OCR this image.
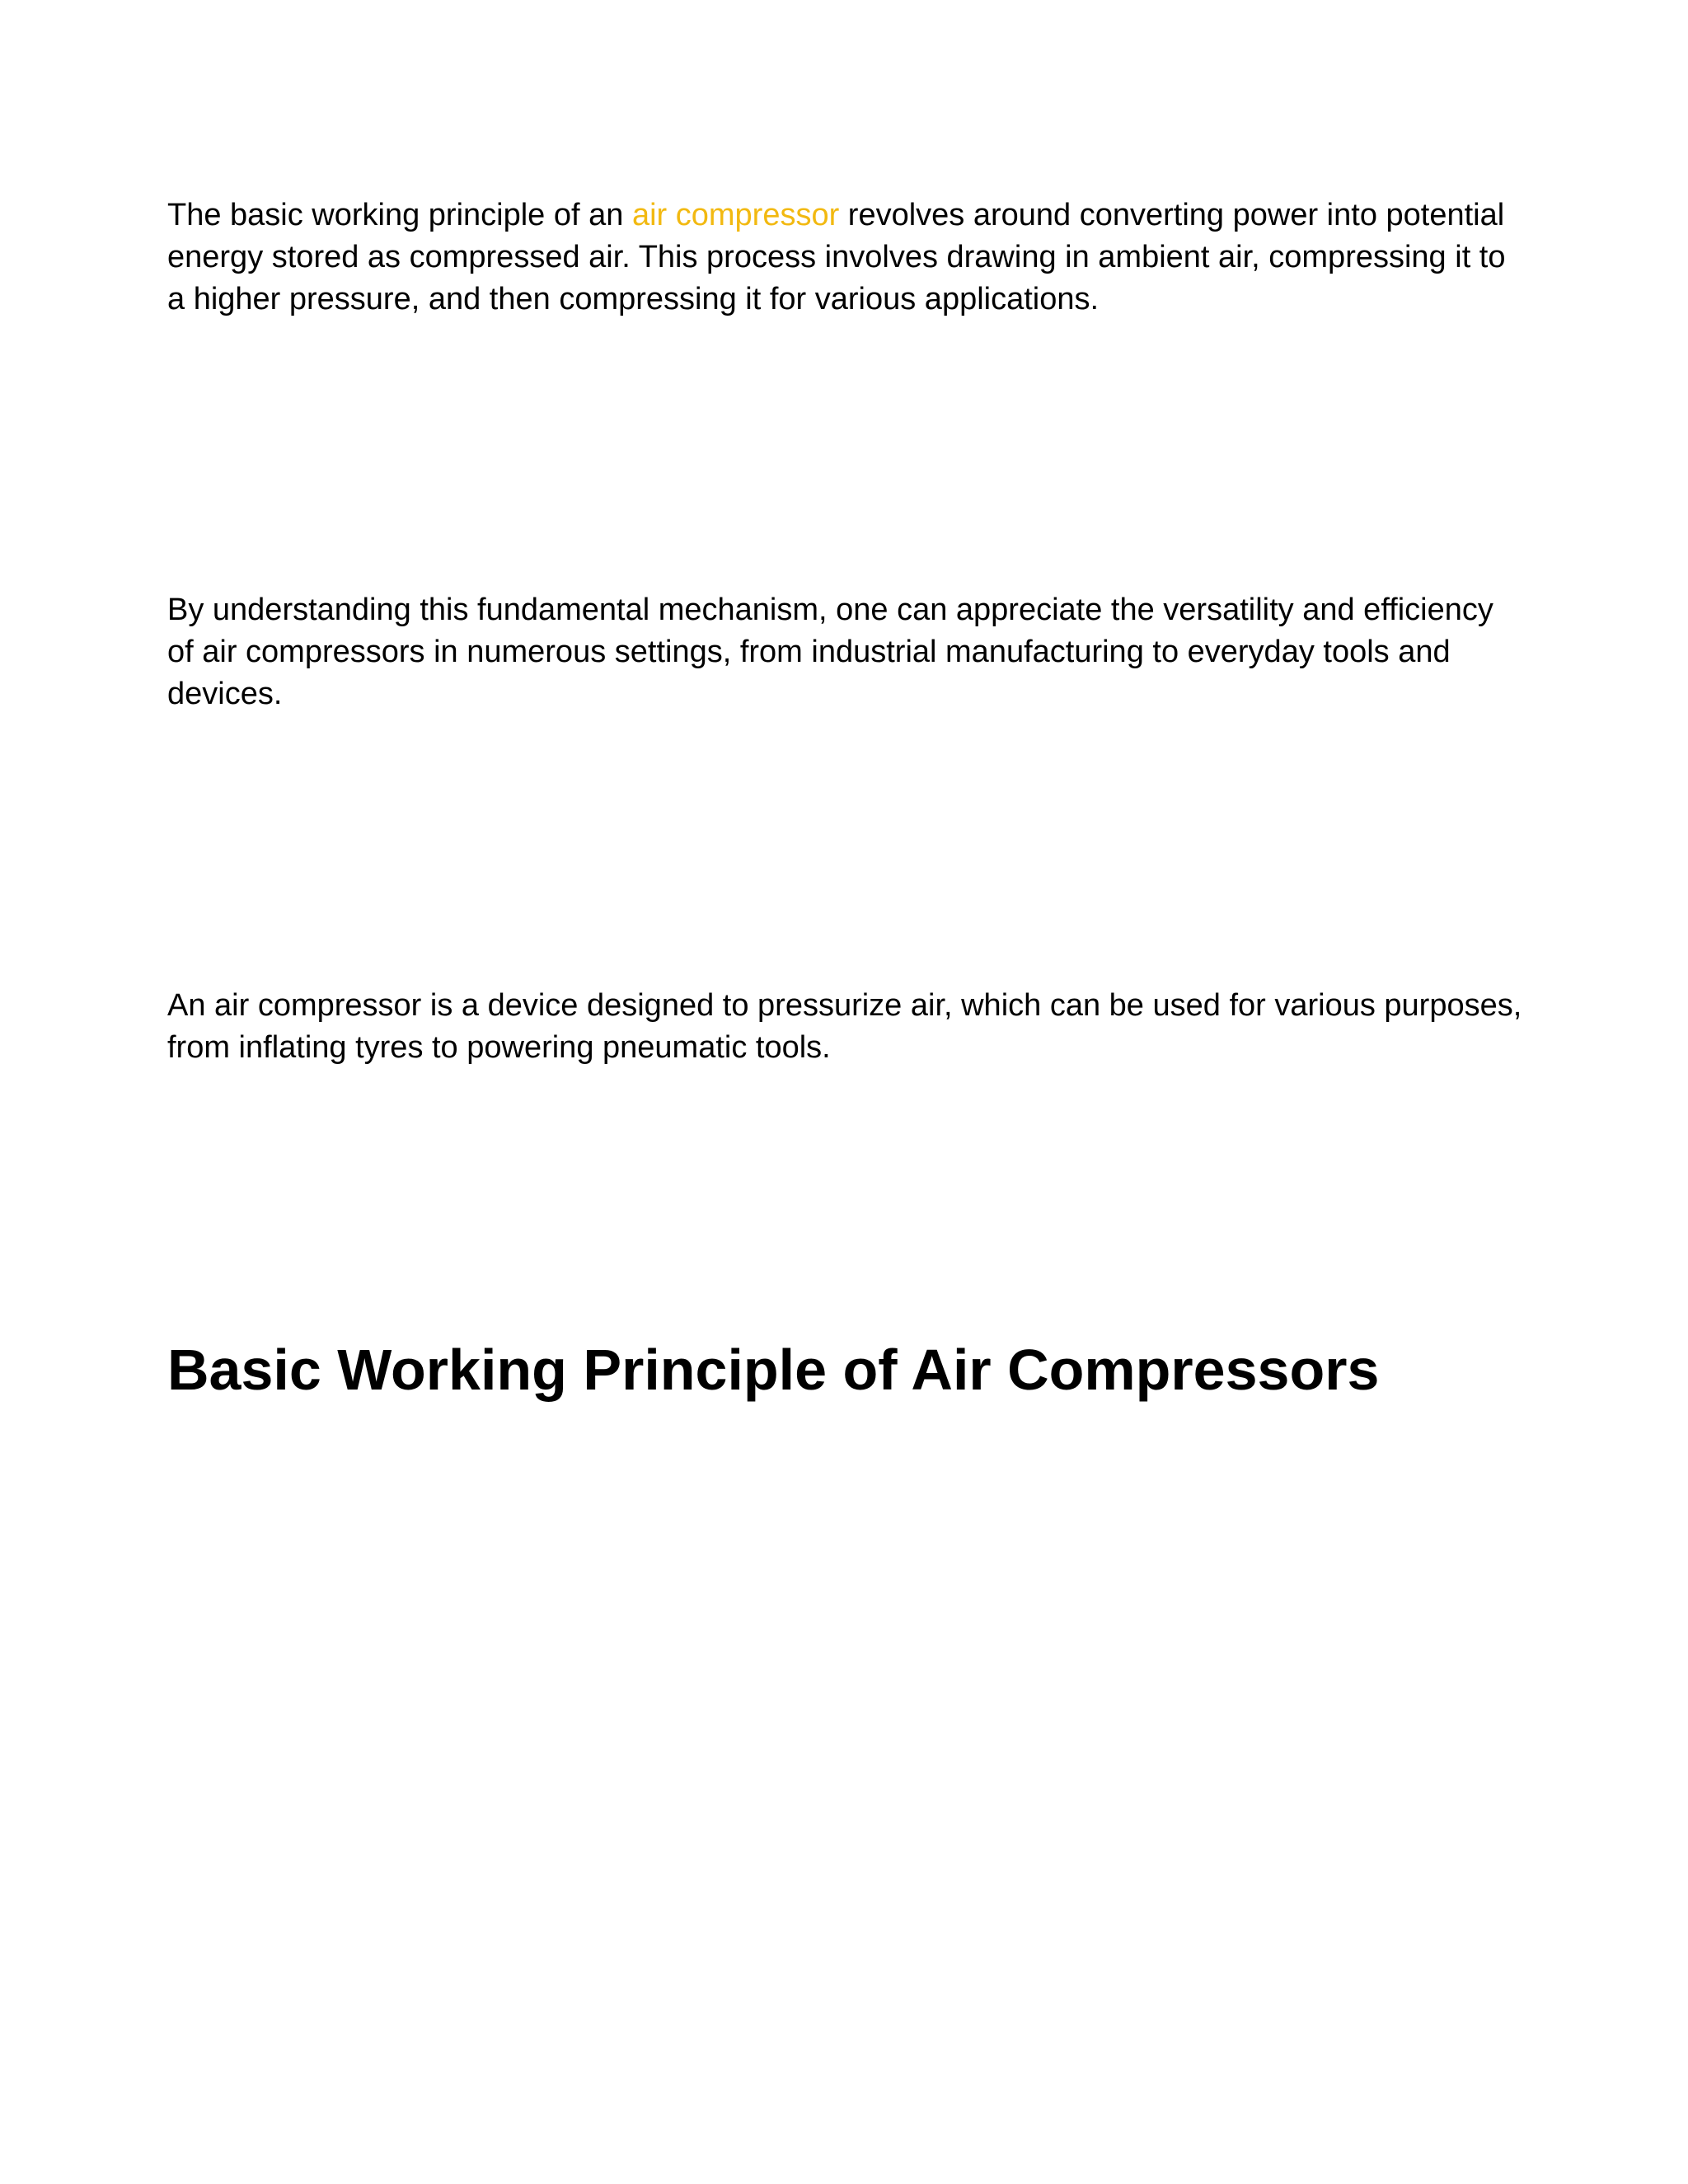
The basic working principle of an air compressor revolves around converting power into potential energy stored as compressed air. This process involves drawing in ambient air, compressing it to a higher pressure, and then compressing it for various applications.

By understanding this fundamental mechanism, one can appreciate the versatility and efficiency of air compressors in numerous settings, from industrial manufacturing to everyday tools and devices.

An air compressor is a device designed to pressurize air, which can be used for various purposes, from inflating tyres to powering pneumatic tools.

Basic Working Principle of Air Compressors
